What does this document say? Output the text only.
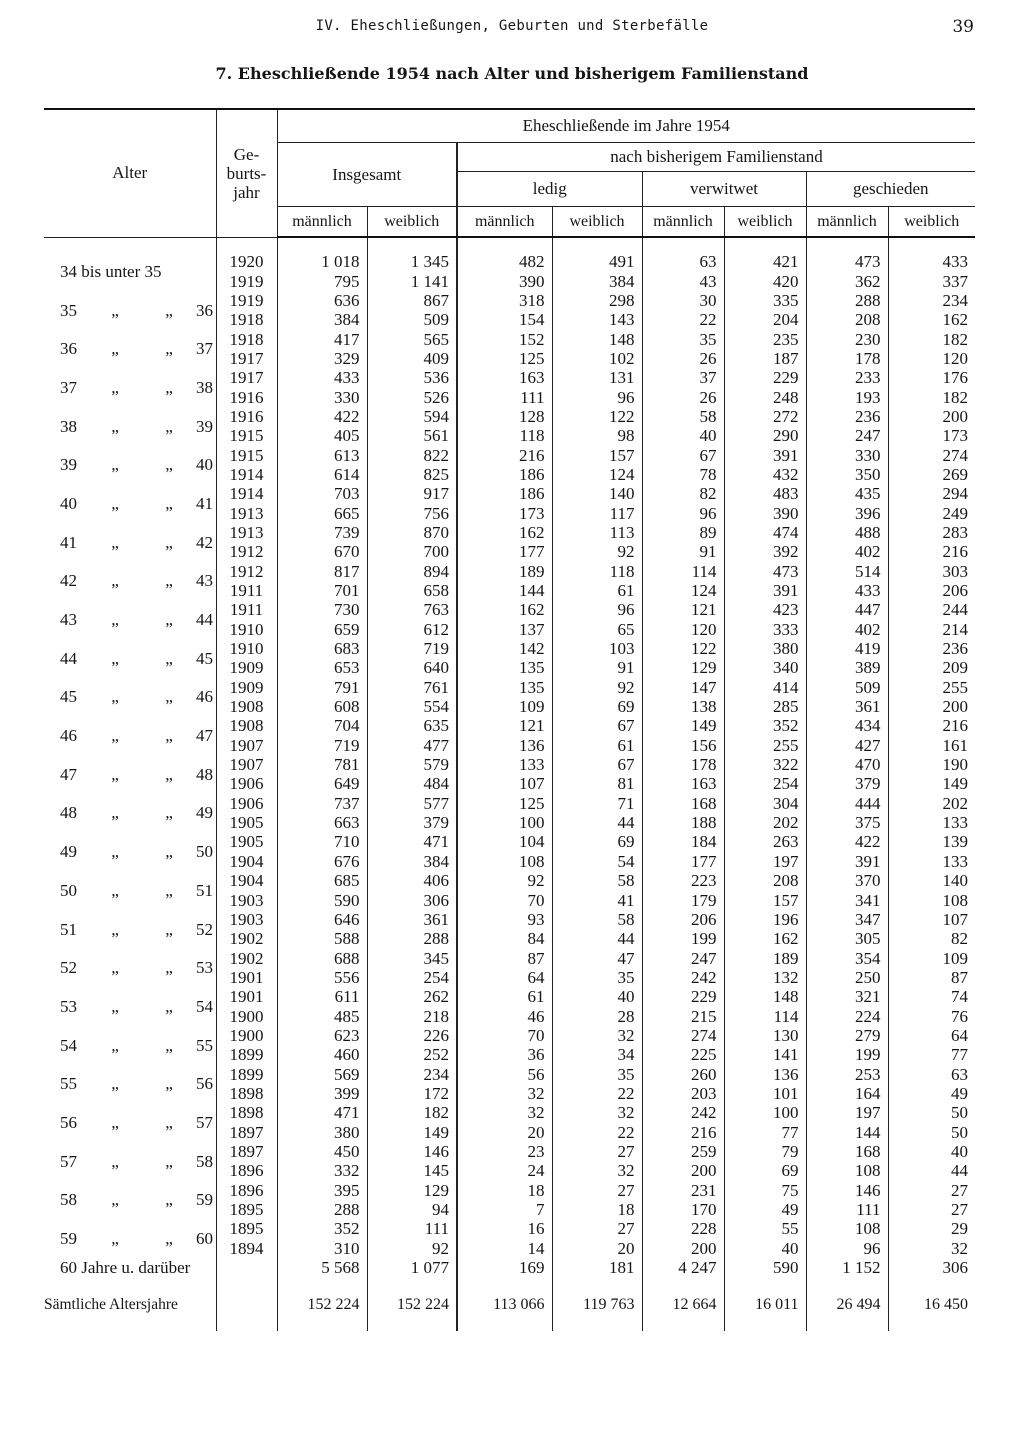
IV. Eheschließungen, Geburten und Sterbefälle	39
7. Eheschließende 1954 nach Alter und bisherigem Familienstand
Alter	Ge-
burts-
jahr	Eheschließende im Jahre 1954							
		Insgesamt		nach bisherigem Familienstand					
				ledig		verwitwet		geschieden	
		männlich	weiblich	männlich	weiblich	männlich	weiblich	männlich	weiblich

34 bis unter 35	1920	1 018	1 345	482	491	63	421	473	433
	1919	795	1 141	390	384	43	420	362	337
35 „ „ 36	1919	636	867	318	298	30	335	288	234
	1918	384	509	154	143	22	204	208	162
36 „ „ 37	1918	417	565	152	148	35	235	230	182
	1917	329	409	125	102	26	187	178	120
37 „ „ 38	1917	433	536	163	131	37	229	233	176
	1916	330	526	111	96	26	248	193	182
38 „ „ 39	1916	422	594	128	122	58	272	236	200
	1915	405	561	118	98	40	290	247	173
39 „ „ 40	1915	613	822	216	157	67	391	330	274
	1914	614	825	186	124	78	432	350	269
40 „ „ 41	1914	703	917	186	140	82	483	435	294
	1913	665	756	173	117	96	390	396	249
41 „ „ 42	1913	739	870	162	113	89	474	488	283
	1912	670	700	177	92	91	392	402	216
42 „ „ 43	1912	817	894	189	118	114	473	514	303
	1911	701	658	144	61	124	391	433	206
43 „ „ 44	1911	730	763	162	96	121	423	447	244
	1910	659	612	137	65	120	333	402	214
44 „ „ 45	1910	683	719	142	103	122	380	419	236
	1909	653	640	135	91	129	340	389	209
45 „ „ 46	1909	791	761	135	92	147	414	509	255
	1908	608	554	109	69	138	285	361	200
46 „ „ 47	1908	704	635	121	67	149	352	434	216
	1907	719	477	136	61	156	255	427	161
47 „ „ 48	1907	781	579	133	67	178	322	470	190
	1906	649	484	107	81	163	254	379	149
48 „ „ 49	1906	737	577	125	71	168	304	444	202
	1905	663	379	100	44	188	202	375	133
49 „ „ 50	1905	710	471	104	69	184	263	422	139
	1904	676	384	108	54	177	197	391	133
50 „ „ 51	1904	685	406	92	58	223	208	370	140
	1903	590	306	70	41	179	157	341	108
51 „ „ 52	1903	646	361	93	58	206	196	347	107
	1902	588	288	84	44	199	162	305	82
52 „ „ 53	1902	688	345	87	47	247	189	354	109
	1901	556	254	64	35	242	132	250	87
53 „ „ 54	1901	611	262	61	40	229	148	321	74
	1900	485	218	46	28	215	114	224	76
54 „ „ 55	1900	623	226	70	32	274	130	279	64
	1899	460	252	36	34	225	141	199	77
55 „ „ 56	1899	569	234	56	35	260	136	253	63
	1898	399	172	32	22	203	101	164	49
56 „ „ 57	1898	471	182	32	32	242	100	197	50
	1897	380	149	20	22	216	77	144	50
57 „ „ 58	1897	450	146	23	27	259	79	168	40
	1896	332	145	24	32	200	69	108	44
58 „ „ 59	1896	395	129	18	27	231	75	146	27
	1895	288	94	7	18	170	49	111	27
59 „ „ 60	1895	352	111	16	27	228	55	108	29
	1894	310	92	14	20	200	40	96	32
60 Jahre u. darüber		5 568	1 077	169	181	4 247	590	1 152	306

Sämtliche Altersjahre		152 224	152 224	113 066	119 763	12 664	16 011	26 494	16 450
